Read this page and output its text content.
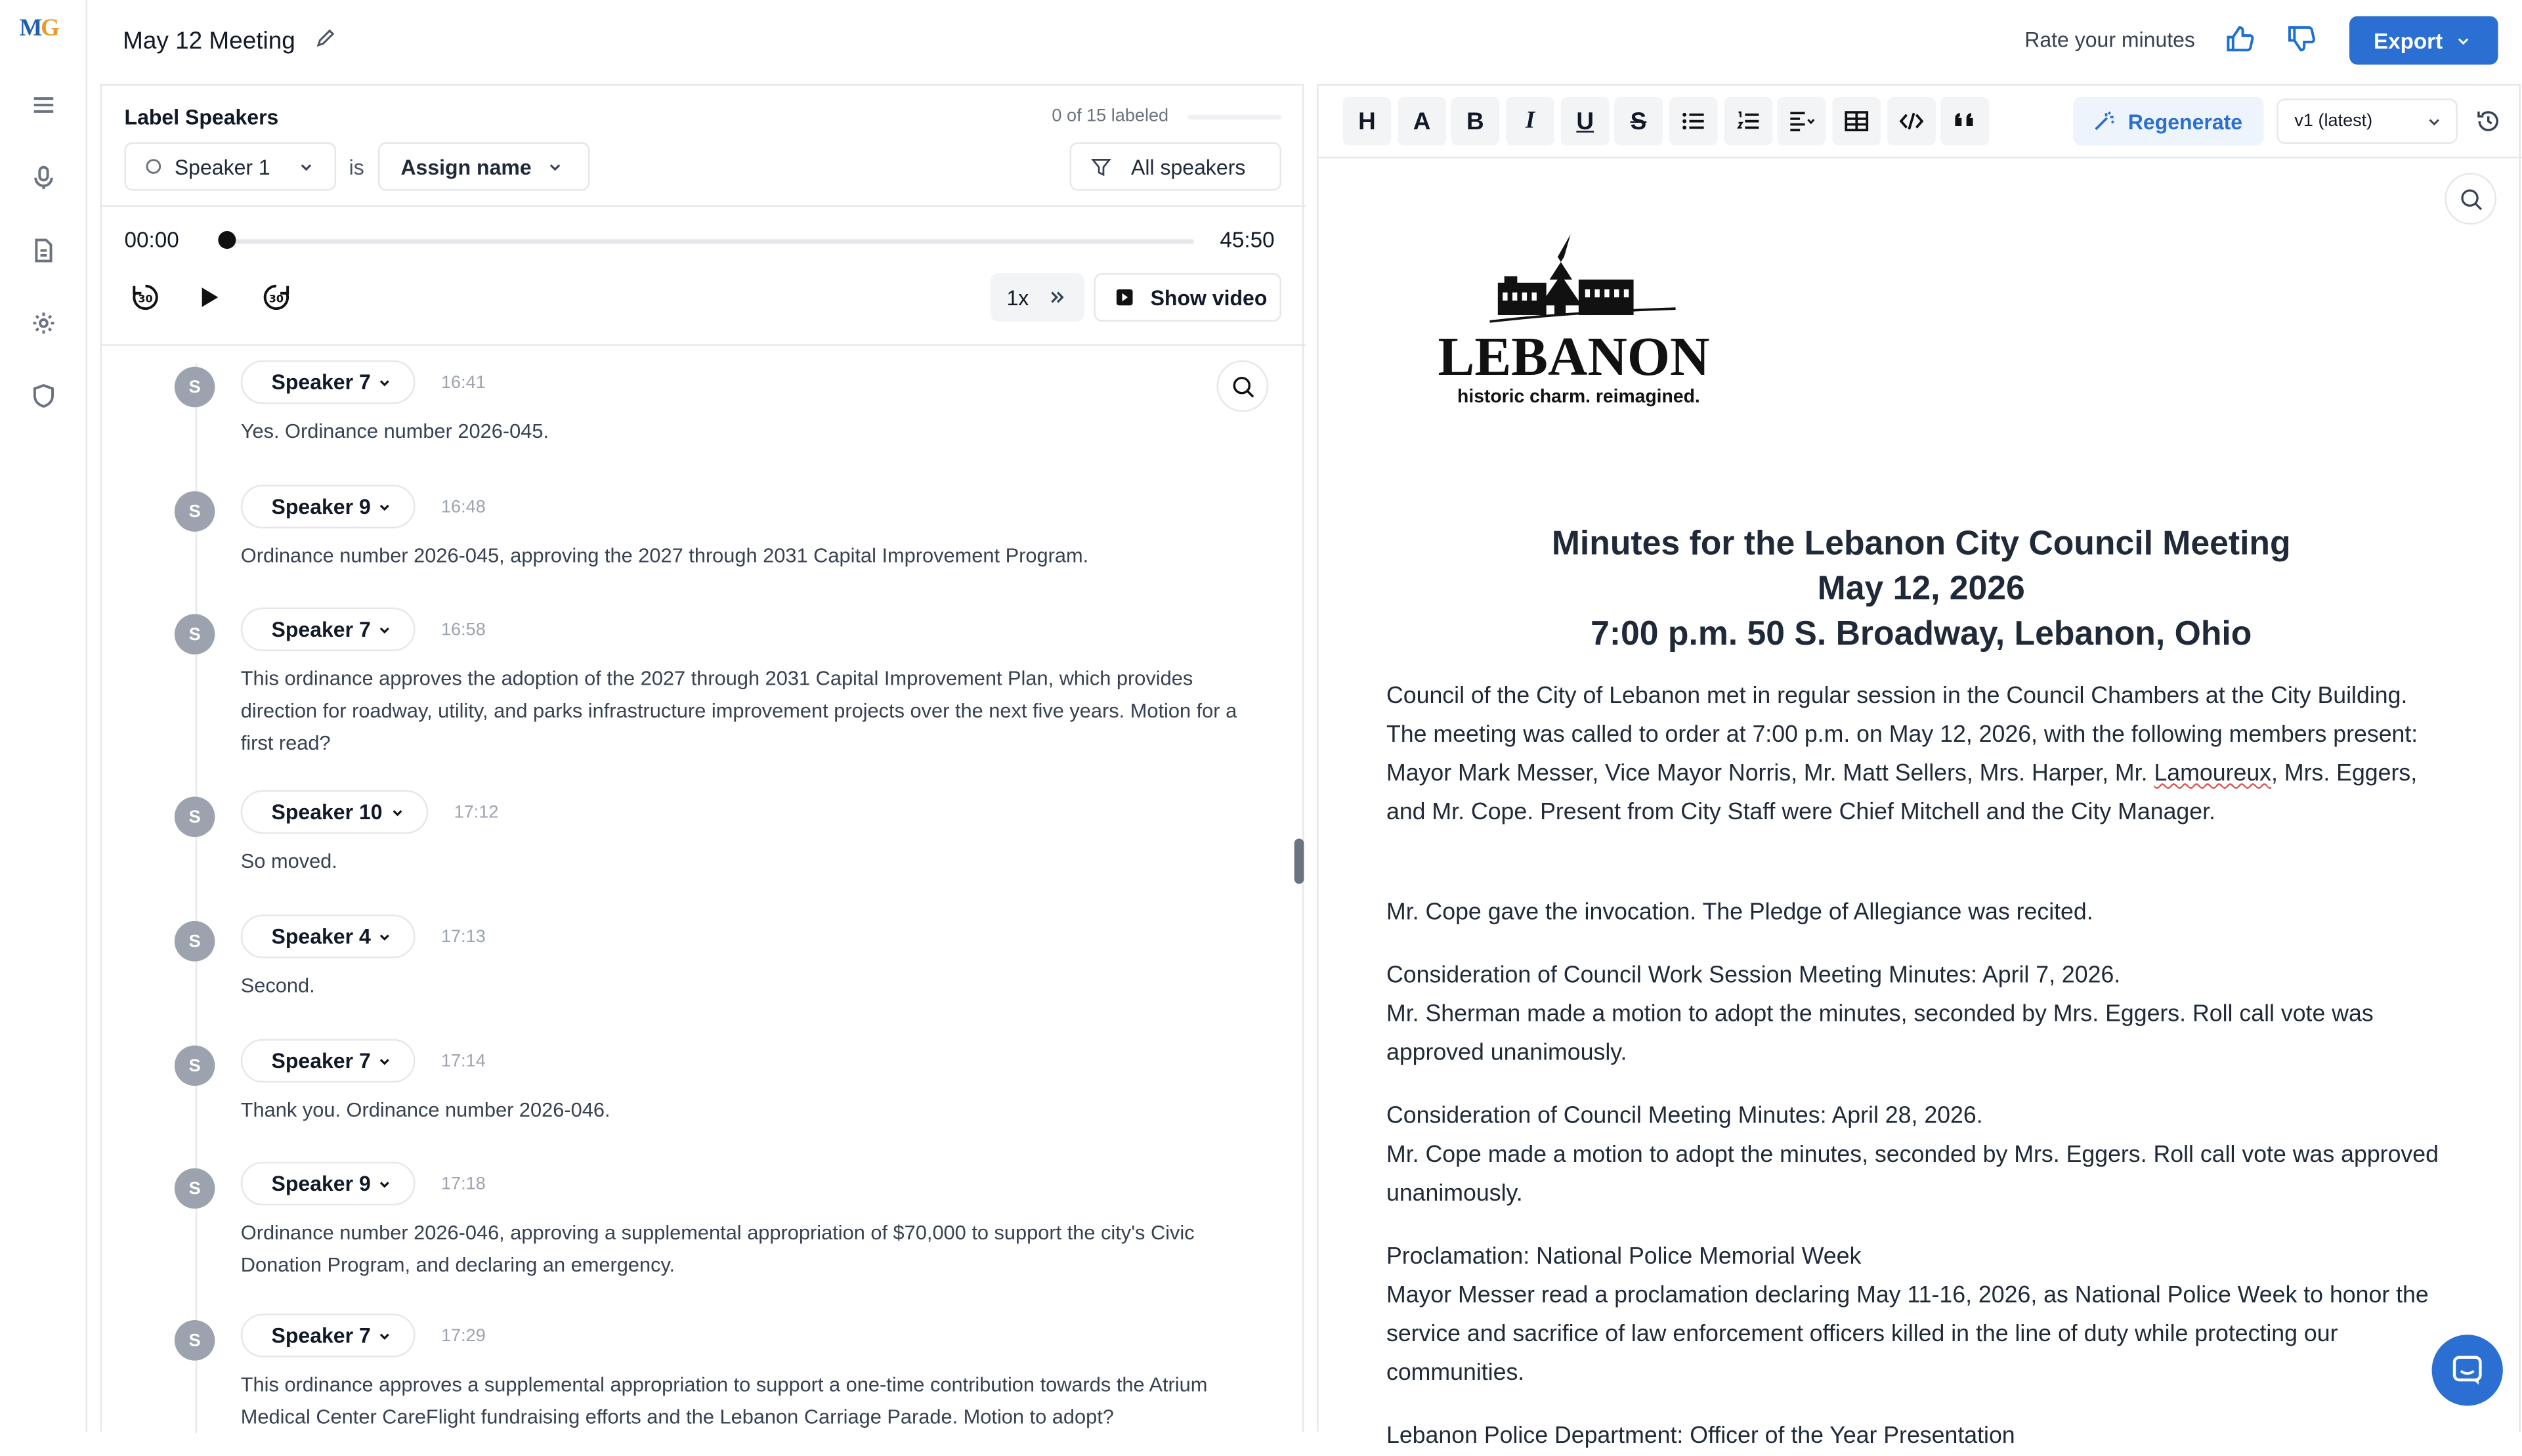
MG	May 12 Meeting	Rate your minutes	Export
Label Speakers	0 of 15 labeled
Speaker 1	is	Assign name	All speakers
00:00	45:50
30	30	1x	Show video
S	Speaker 7	16:41
Yes. Ordinance number 2026-045.
S	Speaker 9	16:48
Ordinance number 2026-045, approving the 2027 through 2031 Capital Improvement Program.
S	Speaker 7	16:58
This ordinance approves the adoption of the 2027 through 2031 Capital Improvement Plan, which provides direction for roadway, utility, and parks infrastructure improvement projects over the next five years. Motion for a first read?
S	Speaker 10	17:12
So moved.
S	Speaker 4	17:13
Second.
S	Speaker 7	17:14
Thank you. Ordinance number 2026-046.
S	Speaker 9	17:18
Ordinance number 2026-046, approving a supplemental appropriation of $70,000 to support the city's Civic Donation Program, and declaring an emergency.
S	Speaker 7	17:29
This ordinance approves a supplemental appropriation to support a one-time contribution towards the Atrium Medical Center CareFlight fundraising efforts and the Lebanon Carriage Parade. Motion to adopt?
H	A	B	I	U	S	Regenerate	v1 (latest)
LEBANON
historic charm. reimagined.
Minutes for the Lebanon City Council Meeting
May 12, 2026
7:00 p.m. 50 S. Broadway, Lebanon, Ohio
Council of the City of Lebanon met in regular session in the Council Chambers at the City Building. The meeting was called to order at 7:00 p.m. on May 12, 2026, with the following members present: Mayor Mark Messer, Vice Mayor Norris, Mr. Matt Sellers, Mrs. Harper, Mr. Lamoureux, Mrs. Eggers, and Mr. Cope. Present from City Staff were Chief Mitchell and the City Manager.
Mr. Cope gave the invocation. The Pledge of Allegiance was recited.
Consideration of Council Work Session Meeting Minutes: April 7, 2026.
Mr. Sherman made a motion to adopt the minutes, seconded by Mrs. Eggers. Roll call vote was approved unanimously.
Consideration of Council Meeting Minutes: April 28, 2026.
Mr. Cope made a motion to adopt the minutes, seconded by Mrs. Eggers. Roll call vote was approved unanimously.
Proclamation: National Police Memorial Week
Mayor Messer read a proclamation declaring May 11-16, 2026, as National Police Week to honor the service and sacrifice of law enforcement officers killed in the line of duty while protecting our communities.
Lebanon Police Department: Officer of the Year Presentation
